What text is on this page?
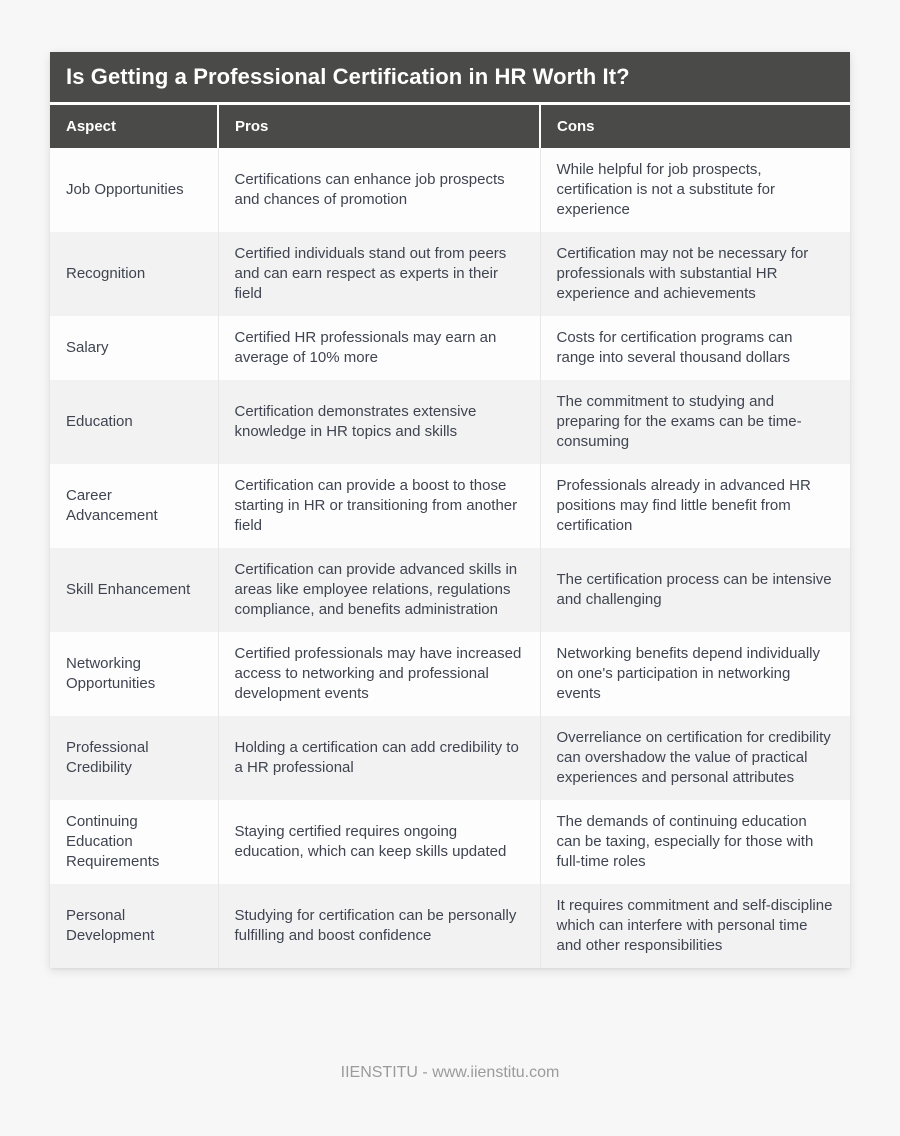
Is Getting a Professional Certification in HR Worth It?
Aspect	Pros	Cons
Job Opportunities	Certifications can enhance job prospects and chances of promotion	While helpful for job prospects, certification is not a substitute for experience
Recognition	Certified individuals stand out from peers and can earn respect as experts in their field	Certification may not be necessary for professionals with substantial HR experience and achievements
Salary	Certified HR professionals may earn an average of 10% more	Costs for certification programs can range into several thousand dollars
Education	Certification demonstrates extensive knowledge in HR topics and skills	The commitment to studying and preparing for the exams can be time-consuming
Career Advancement	Certification can provide a boost to those starting in HR or transitioning from another field	Professionals already in advanced HR positions may find little benefit from certification
Skill Enhancement	Certification can provide advanced skills in areas like employee relations, regulations compliance, and benefits administration	The certification process can be intensive and challenging
Networking Opportunities	Certified professionals may have increased access to networking and professional development events	Networking benefits depend individually on one's participation in networking events
Professional Credibility	Holding a certification can add credibility to a HR professional	Overreliance on certification for credibility can overshadow the value of practical experiences and personal attributes
Continuing Education Requirements	Staying certified requires ongoing education, which can keep skills updated	The demands of continuing education can be taxing, especially for those with full-time roles
Personal Development	Studying for certification can be personally fulfilling and boost confidence	It requires commitment and self-discipline which can interfere with personal time and other responsibilities
IIENSTITU - www.iienstitu.com
